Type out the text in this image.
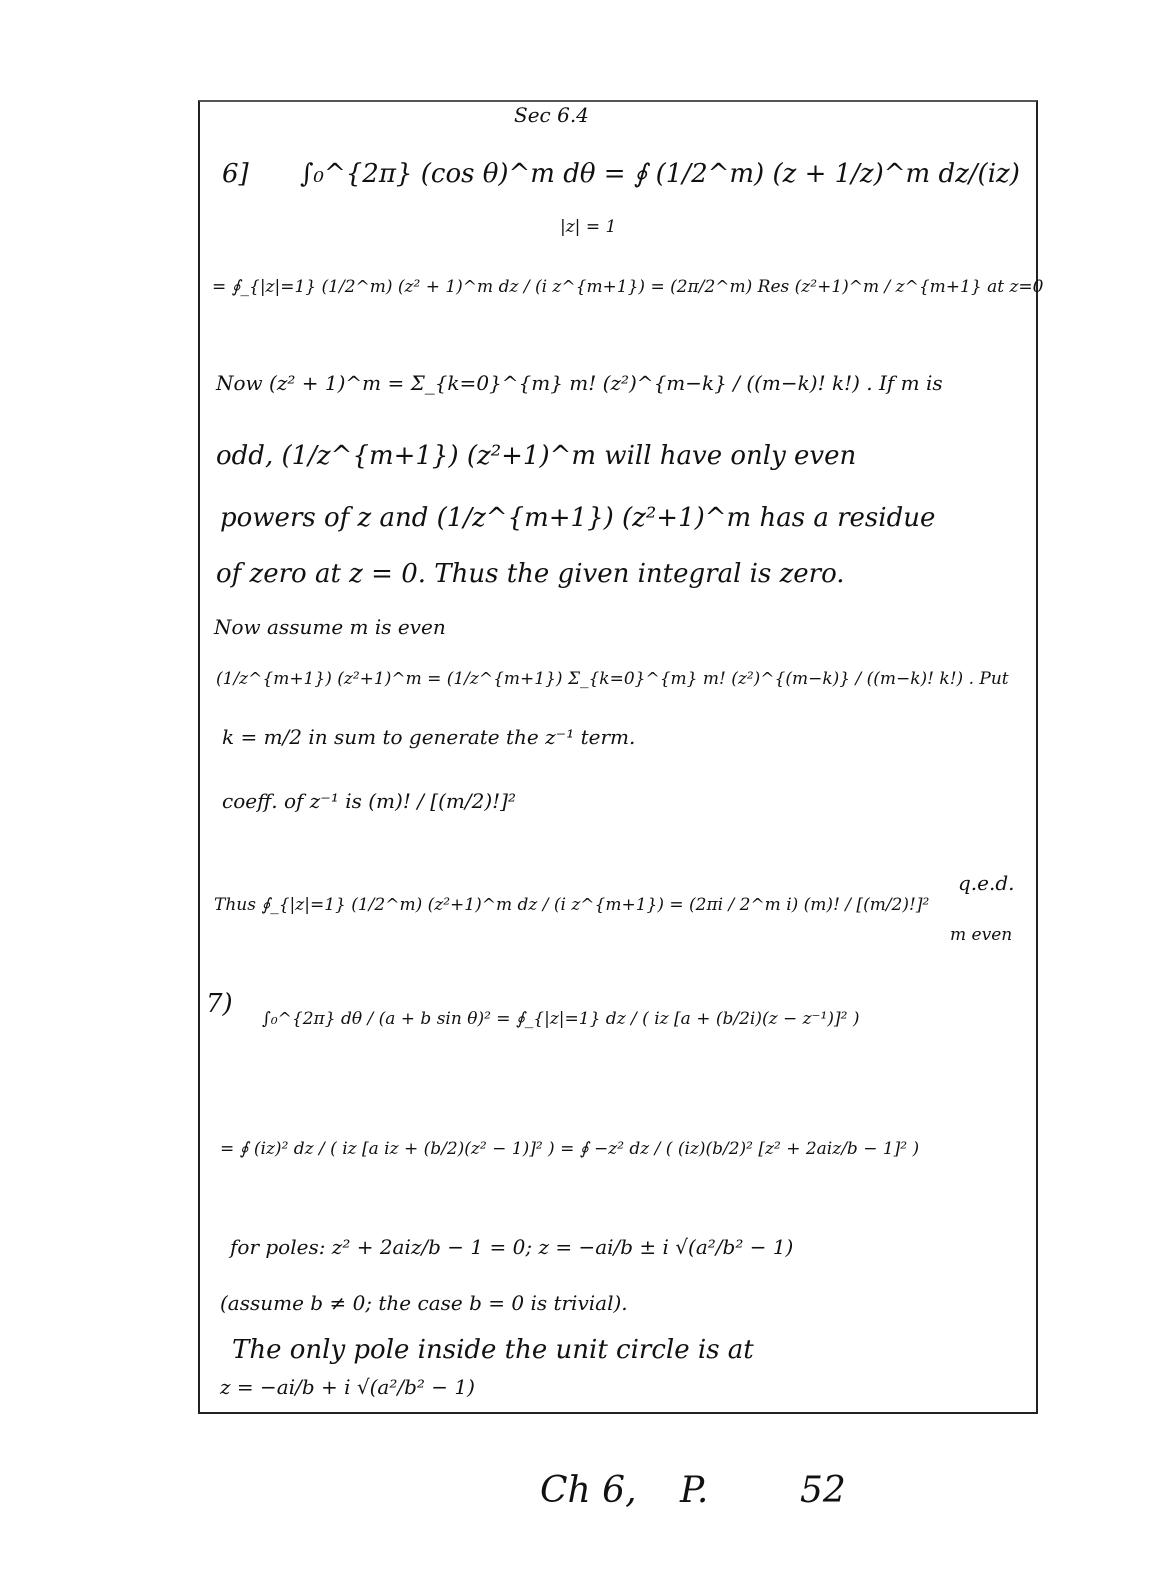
Sec 6.4
6] ∫₀^{2π} (cos θ)^m dθ = ∮ (1/2^m) (z + 1/z)^m dz/(iz)
|z| = 1
= ∮_{|z|=1} (1/2^m) (z² + 1)^m dz / (i z^{m+1}) = (2π/2^m) Res (z²+1)^m / z^{m+1} at z=0
Now (z² + 1)^m = Σ_{k=0}^{m} m! (z²)^{m−k} / ((m−k)! k!) . If m is
odd, (1/z^{m+1}) (z²+1)^m will have only even
powers of z and (1/z^{m+1}) (z²+1)^m has a residue
of zero at z = 0. Thus the given integral is zero.
Now assume m is even
(1/z^{m+1}) (z²+1)^m = (1/z^{m+1}) Σ_{k=0}^{m} m! (z²)^{(m−k)} / ((m−k)! k!) . Put
k = m/2 in sum to generate the z⁻¹ term.
coeff. of z⁻¹ is (m)! / [(m/2)!]²
Thus ∮_{|z|=1} (1/2^m) (z²+1)^m dz / (i z^{m+1}) = (2πi / 2^m i) (m)! / [(m/2)!]²
q.e.d.
m even
7) ∫₀^{2π} dθ / (a + b sin θ)² = ∮_{|z|=1} dz / ( iz [a + (b/2i)(z − z⁻¹)]² )
= ∮ (iz)² dz / ( iz [a iz + (b/2)(z² − 1)]² ) = ∮ −z² dz / ( (iz)(b/2)² [z² + 2aiz/b − 1]² )
for poles: z² + 2aiz/b − 1 = 0; z = −ai/b ± i √(a²/b² − 1)
(assume b ≠ 0; the case b = 0 is trivial).
The only pole inside the unit circle is at
z = −ai/b + i √(a²/b² − 1)
Ch 6, P.	52
